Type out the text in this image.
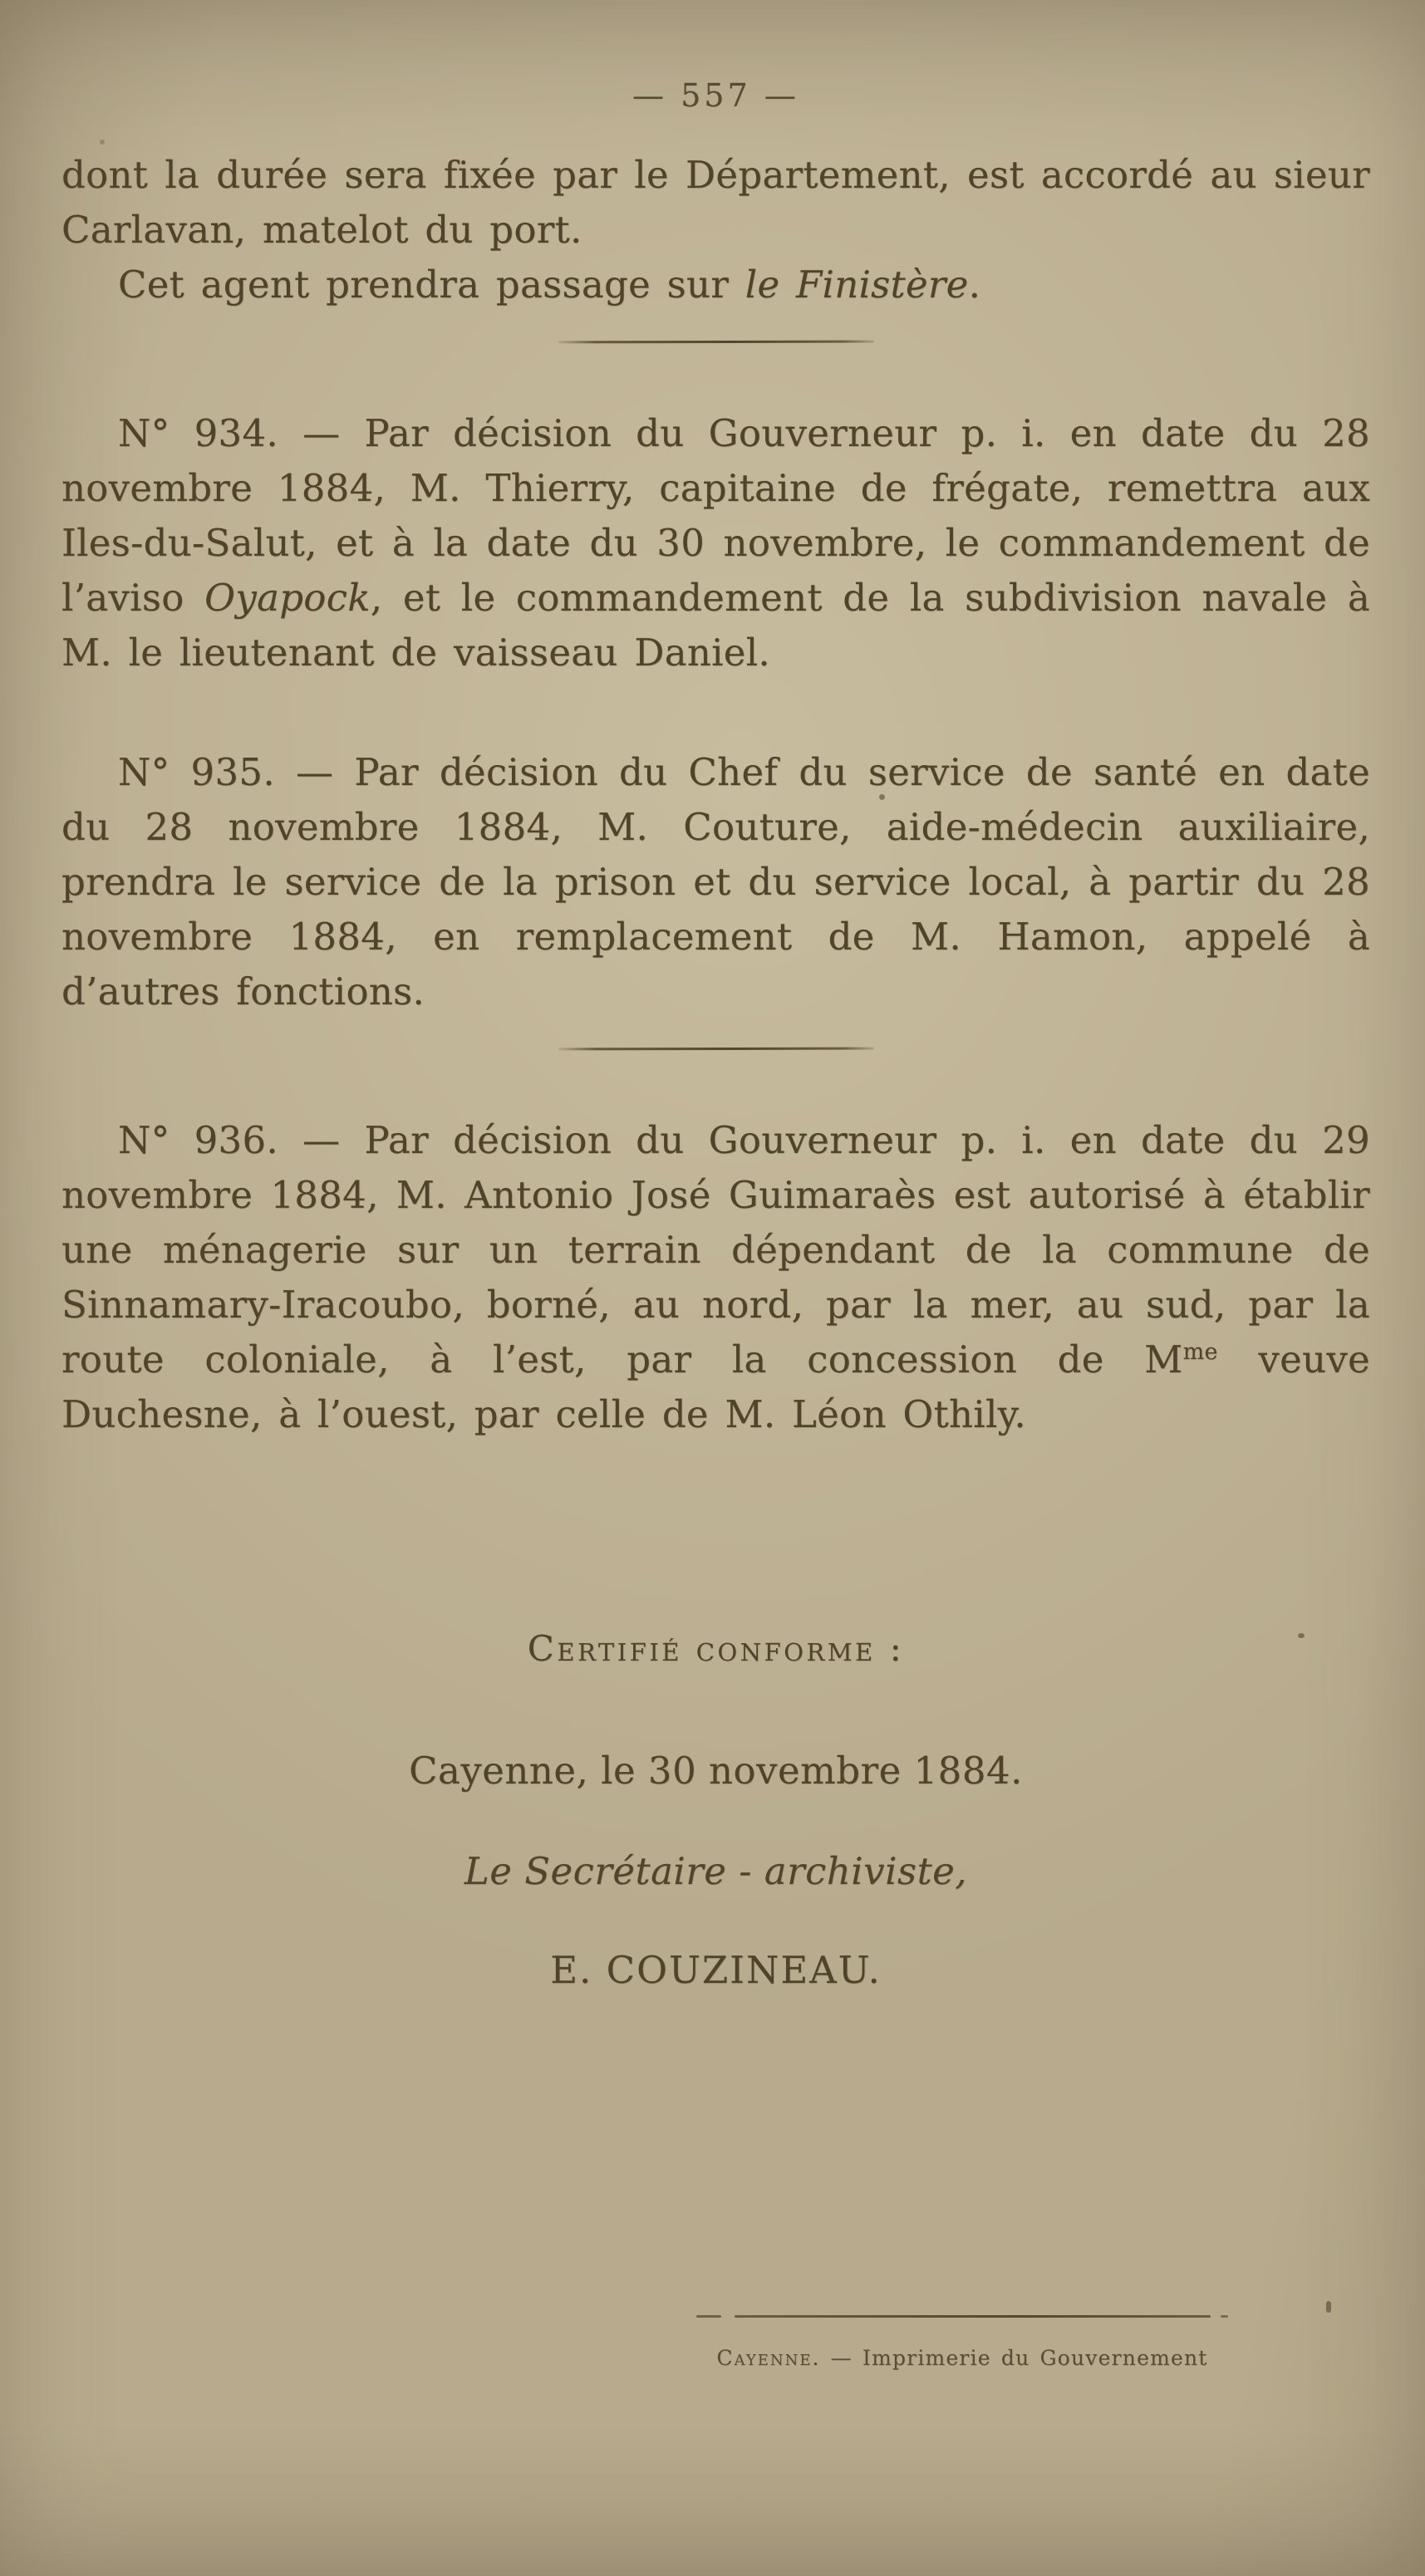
— 557 —

dont la durée sera fixée par le Département, est accordé au sieur Carlavan, matelot du port.

Cet agent prendra passage sur le Finistère.

N° 934. — Par décision du Gouverneur p. i. en date du 28 novembre 1884, M. Thierry, capitaine de frégate, remettra aux Iles-du-Salut, et à la date du 30 novembre, le commandement de l’aviso Oyapock, et le commandement de la subdivision navale à M. le lieutenant de vaisseau Daniel.

N° 935. — Par décision du Chef du service de santé en date du 28 novembre 1884, M. Couture, aide-médecin auxiliaire, prendra le service de la prison et du service local, à partir du 28 novembre 1884, en remplacement de M. Hamon, appelé à d’autres fonctions.

N° 936. — Par décision du Gouverneur p. i. en date du 29 novembre 1884, M. Antonio José Guimaraès est autorisé à établir une ménagerie sur un terrain dépendant de la commune de Sinnamary-Iracoubo, borné, au nord, par la mer, au sud, par la route coloniale, à l’est, par la concession de $M^{me}$ veuve Duchesne, à l’ouest, par celle de M. Léon Othily.

Certifié conforme :
Cayenne, le 30 novembre 1884.
Le Secrétaire - archiviste,
E. COUZINEAU.
Cayenne. — Imprimerie du Gouvernement
